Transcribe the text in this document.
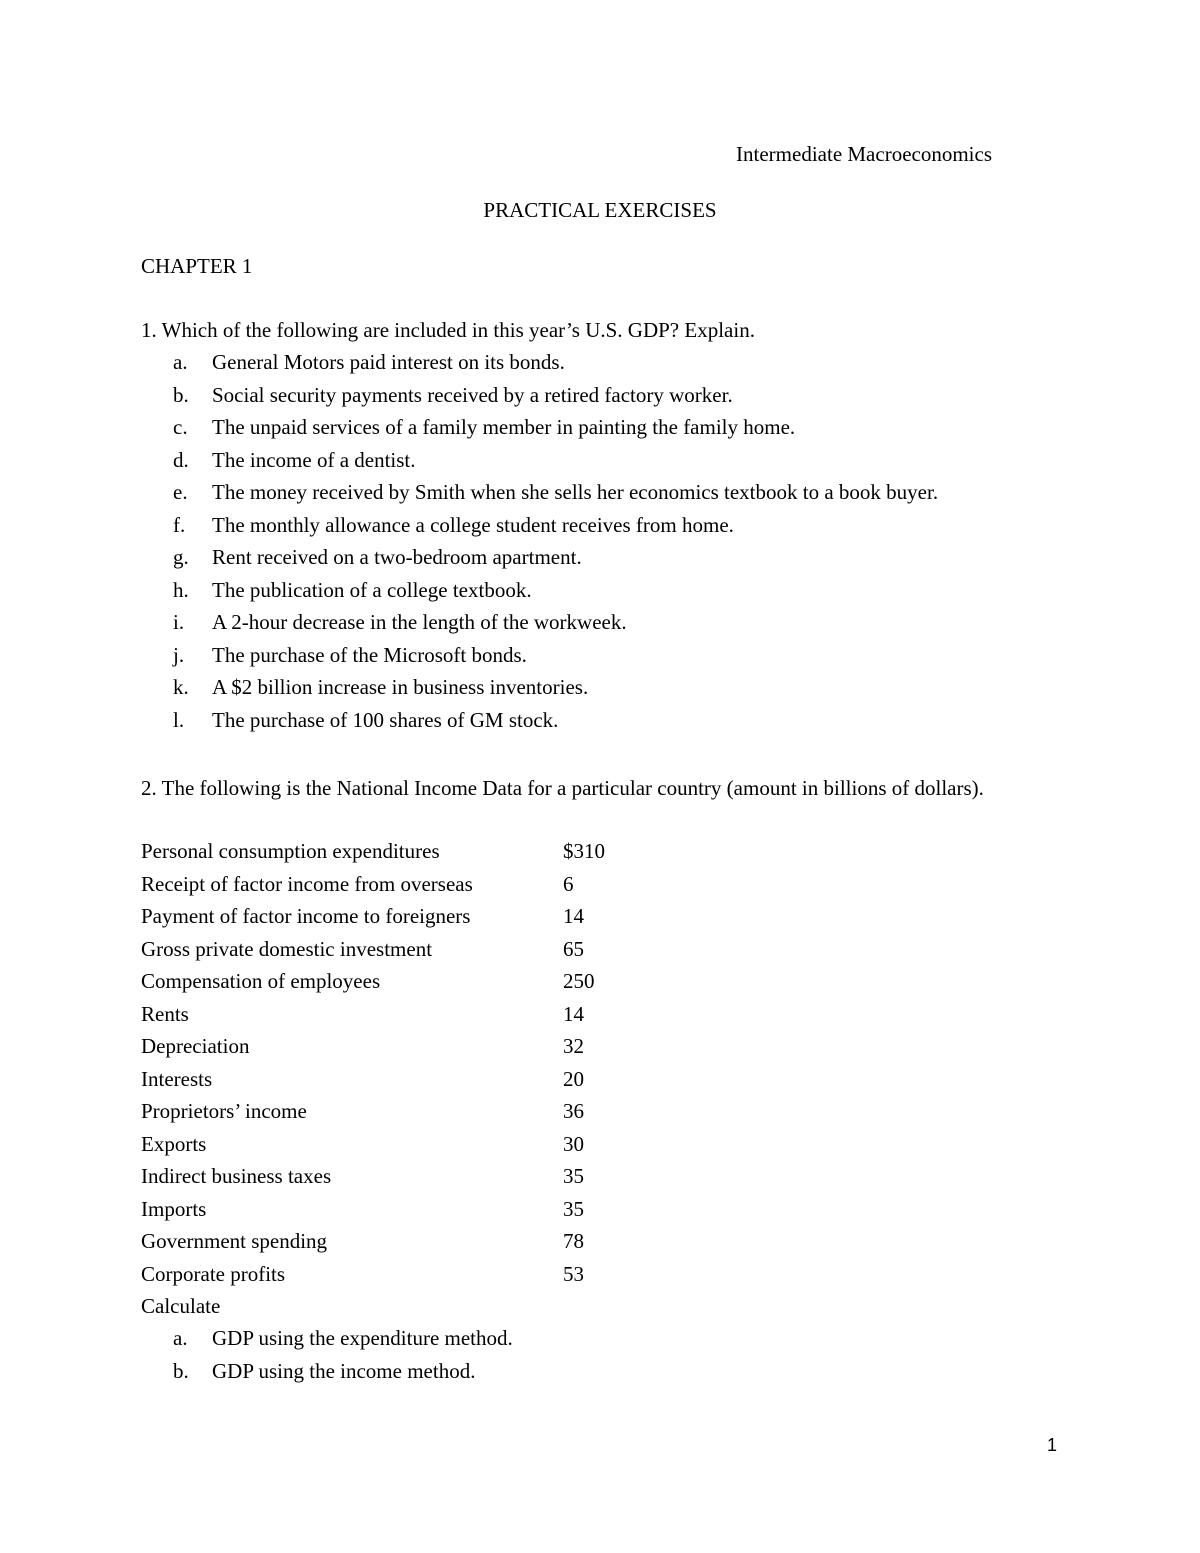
Intermediate Macroeconomics
PRACTICAL EXERCISES
CHAPTER 1
1. Which of the following are included in this year’s U.S. GDP? Explain.
a.	General Motors paid interest on its bonds.
b.	Social security payments received by a retired factory worker.
c.	The unpaid services of a family member in painting the family home.
d.	The income of a dentist.
e.	The money received by Smith when she sells her economics textbook to a book buyer.
f.	The monthly allowance a college student receives from home.
g.	Rent received on a two-bedroom apartment.
h.	The publication of a college textbook.
i.	A 2-hour decrease in the length of the workweek.
j.	The purchase of the Microsoft bonds.
k.	A $2 billion increase in business inventories.
l.	The purchase of 100 shares of GM stock.
2. The following is the National Income Data for a particular country (amount in billions of dollars).
Personal consumption expenditures	$310
Receipt of factor income from overseas	6
Payment of factor income to foreigners	14
Gross private domestic investment	65
Compensation of employees	250
Rents	14
Depreciation	32
Interests	20
Proprietors’ income	36
Exports	30
Indirect business taxes	35
Imports	35
Government spending	78
Corporate profits	53
Calculate
a.	GDP using the expenditure method.
b.	GDP using the income method.
1
